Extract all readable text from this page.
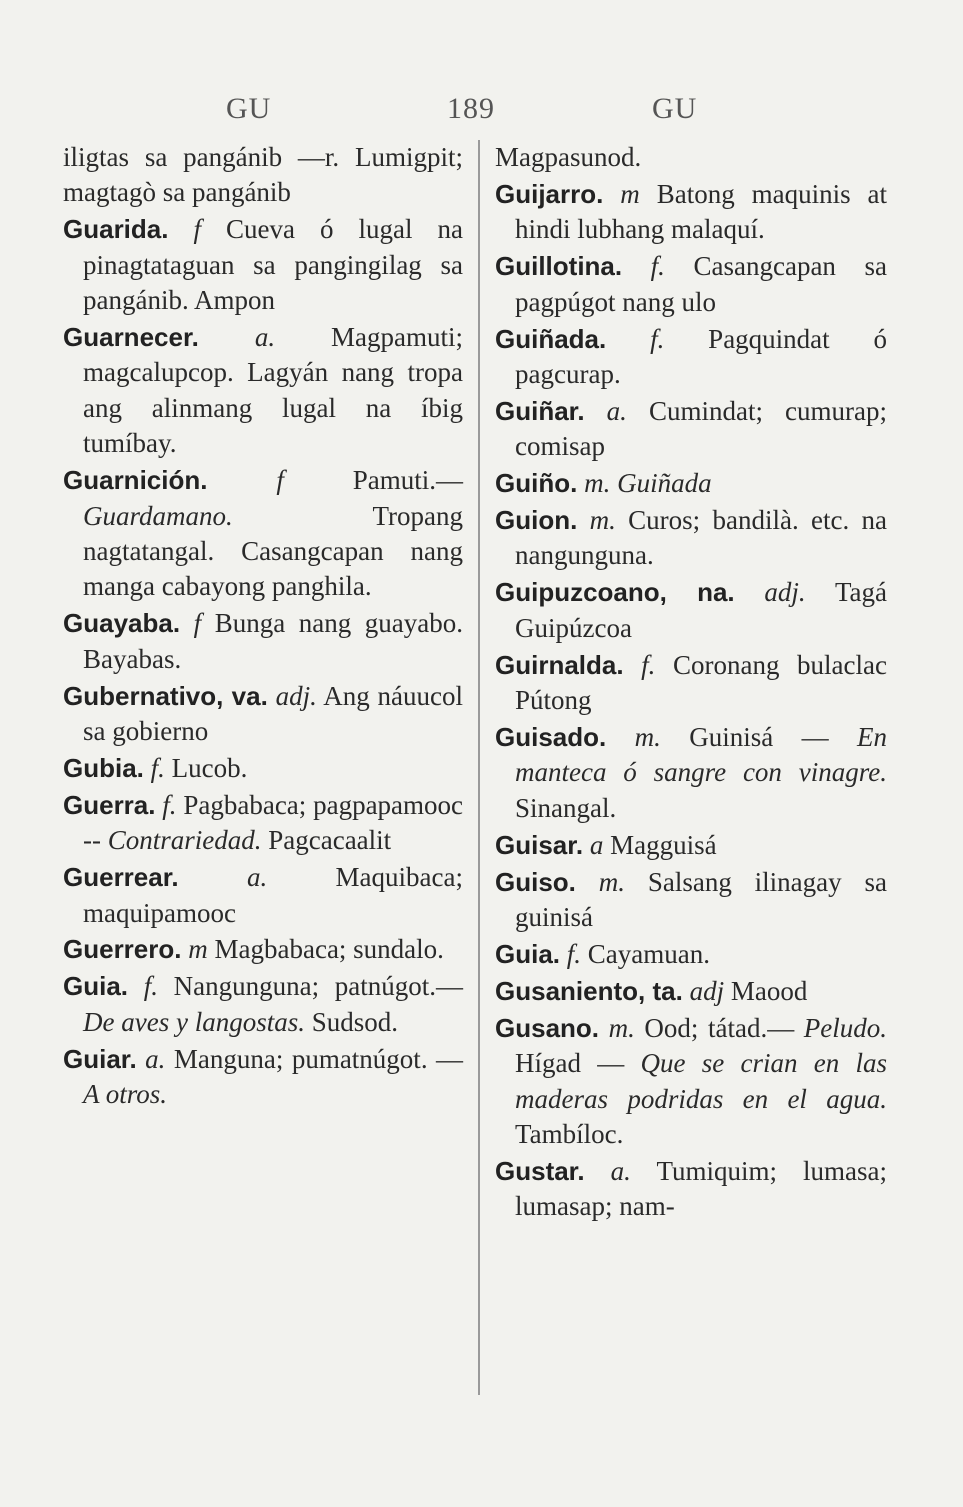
GU	189	GU
iligtas sa pangánib —r. Lumigpit; magtagò sa pangánib
Guarida. f Cueva ó lugal na pinagtataguan sa pangingilag sa pangánib. Ampon
Guarnecer. a. Magpamuti; magcalupcop. Lagyán nang tropa ang alinmang lugal na íbig tumíbay.
Guarnición.	f	Pamuti.— Guardamano.	Tropang nagtatangal. Casangcapan nang manga cabayong panghila.
Guayaba. f Bunga nang guayabo. Bayabas.
Gubernativo, va. adj. Ang náuucol sa gobierno
Gubia. f. Lucob.
Guerra. f. Pagbabaca; pagpapamooc -- Contrariedad. Pagcacaalit
Guerrear.	a.	Maquibaca; maquipamooc
Guerrero. m Magbabaca; sundalo.
Guia. f. Nangunguna; patnúgot.— De aves y langostas. Sudsod.
Guiar. a. Manguna; pumatnúgot. — A otros.
Magpasunod.
Guijarro. m Batong maquinis at hindi lubhang malaquí.
Guillotina. f. Casangcapan sa pagpúgot nang ulo
Guiñada. f. Pagquindat ó pagcurap.
Guiñar. a. Cumindat; cumurap; comisap
Guiño. m. Guiñada
Guion. m. Curos; bandilà. etc. na nangunguna.
Guipuzcoano, na. adj. Tagá Guipúzcoa
Guirnalda. f. Coronang bulaclac Pútong
Guisado. m. Guinisá — En manteca ó sangre con vinagre. Sinangal.
Guisar. a Magguisá
Guiso. m. Salsang ilinagay sa guinisá
Guia. f. Cayamuan.
Gusaniento, ta. adj Maood
Gusano. m. Ood; tátad.— Peludo. Hígad — Que se crian en las maderas podridas en el agua. Tambíloc.
Gustar. a. Tumiquim; lumasa; lumasap; nam-
